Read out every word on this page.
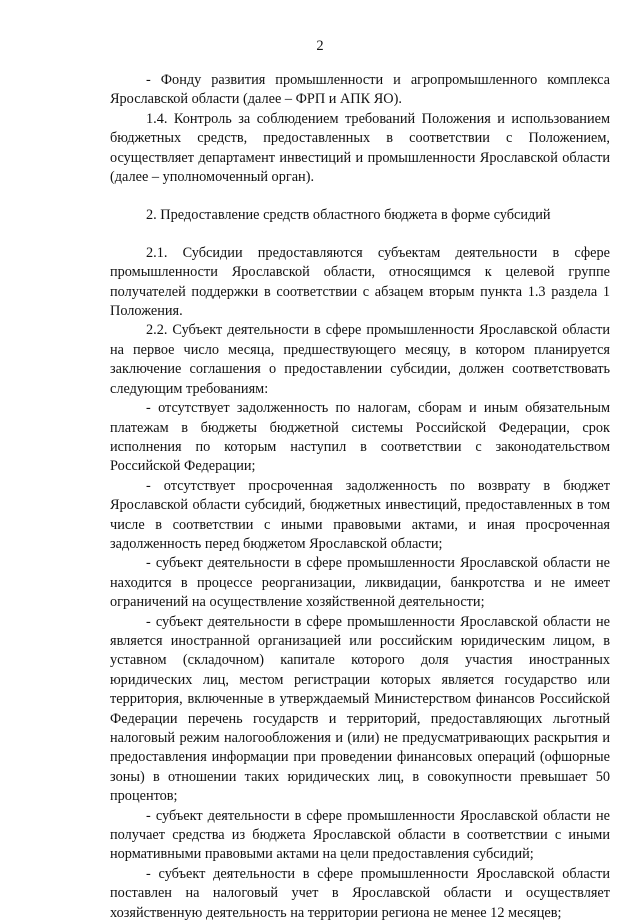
2

- Фонду развития промышленности и агропромышленного комплекса Ярославской области (далее – ФРП и АПК ЯО).

1.4. Контроль за соблюдением требований Положения и использованием бюджетных средств, предоставленных в соответствии с Положением, осуществляет департамент инвестиций и промышленности Ярославской области (далее – уполномоченный орган).

2. Предоставление средств областного бюджета в форме субсидий

2.1. Субсидии предоставляются субъектам деятельности в сфере промышленности Ярославской области, относящимся к целевой группе получателей поддержки в соответствии с абзацем вторым пункта 1.3 раздела 1 Положения.

2.2. Субъект деятельности в сфере промышленности Ярославской области на первое число месяца, предшествующего месяцу, в котором планируется заключение соглашения о предоставлении субсидии, должен соответствовать следующим требованиям:

- отсутствует задолженность по налогам, сборам и иным обязательным платежам в бюджеты бюджетной системы Российской Федерации, срок исполнения по которым наступил в соответствии с законодательством Российской Федерации;

- отсутствует просроченная задолженность по возврату в бюджет Ярославской области субсидий, бюджетных инвестиций, предоставленных в том числе в соответствии с иными правовыми актами, и иная просроченная задолженность перед бюджетом Ярославской области;

- субъект деятельности в сфере промышленности Ярославской области не находится в процессе реорганизации, ликвидации, банкротства и не имеет ограничений на осуществление хозяйственной деятельности;

- субъект деятельности в сфере промышленности Ярославской области не является иностранной организацией или российским юридическим лицом, в уставном (складочном) капитале которого доля участия иностранных юридических лиц, местом регистрации которых является государство или территория, включенные в утверждаемый Министерством финансов Российской Федерации перечень государств и территорий, предоставляющих льготный налоговый режим налогообложения и (или) не предусматривающих раскрытия и предоставления информации при проведении финансовых операций (офшорные зоны) в отношении таких юридических лиц, в совокупности превышает 50 процентов;

- субъект деятельности в сфере промышленности Ярославской области не получает средства из бюджета Ярославской области в соответствии с иными нормативными правовыми актами на цели предоставления субсидий;

- субъект деятельности в сфере промышленности Ярославской области поставлен на налоговый учет в Ярославской области и осуществляет хозяйственную деятельность на территории региона не менее 12 месяцев;
